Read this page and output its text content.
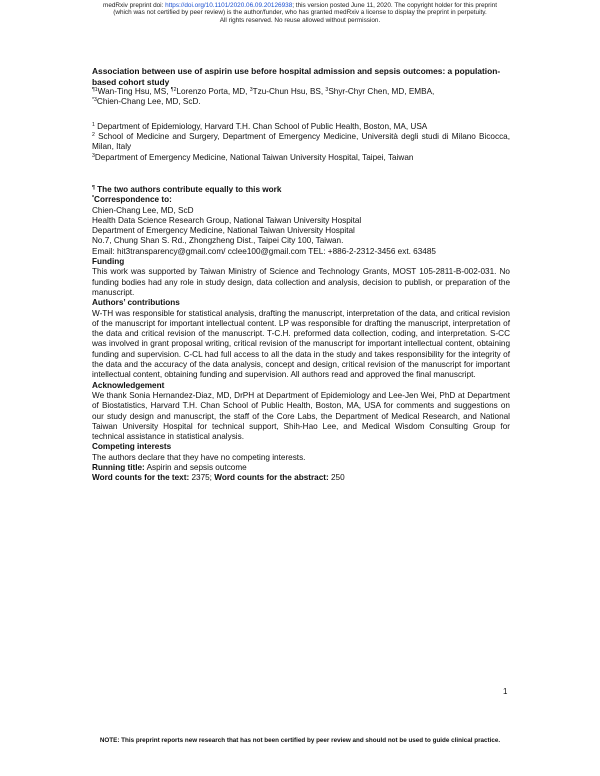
medRxiv preprint doi: https://doi.org/10.1101/2020.06.09.20126938; this version posted June 11, 2020. The copyright holder for this preprint
(which was not certified by peer review) is the author/funder, who has granted medRxiv a license to display the preprint in perpetuity.
All rights reserved. No reuse allowed without permission.

Association between use of aspirin use before hospital admission and sepsis outcomes: a population-based cohort study

$^{\P 1}$Wan-Ting Hsu, MS, $^{\P 2}$Lorenzo Porta, MD, $^3$Tzu-Chun Hsu, BS, $^3$Shyr-Chyr Chen, MD, EMBA,

$^{*3}$Chien-Chang Lee, MD, ScD.

$^1$ Department of Epidemiology, Harvard T.H. Chan School of Public Health, Boston, MA, USA

$^2$ School of Medicine and Surgery, Department of Emergency Medicine, Università degli studi di Milano Bicocca, Milan, Italy

$^3$Department of Emergency Medicine, National Taiwan University Hospital, Taipei, Taiwan

¶ The two authors contribute equally to this work

*Correspondence to:

Chien-Chang Lee, MD, ScD

Health Data Science Research Group, National Taiwan University Hospital

Department of Emergency Medicine, National Taiwan University Hospital

No.7, Chung Shan S. Rd., Zhongzheng Dist., Taipei City 100, Taiwan.

Email: hit3transparency@gmail.com/ cclee100@gmail.com TEL: +886-2-2312-3456 ext. 63485

Funding

This work was supported by Taiwan Ministry of Science and Technology Grants, MOST 105-2811-B-002-031. No funding bodies had any role in study design, data collection and analysis, decision to publish, or preparation of the manuscript.

Authors’ contributions

W-TH was responsible for statistical analysis, drafting the manuscript, interpretation of the data, and critical revision of the manuscript for important intellectual content. LP was responsible for drafting the manuscript, interpretation of the data and critical revision of the manuscript. T-C.H. preformed data collection, coding, and interpretation. S-CC was involved in grant proposal writing, critical revision of the manuscript for important intellectual content, obtaining funding and supervision. C-CL had full access to all the data in the study and takes responsibility for the integrity of the data and the accuracy of the data analysis, concept and design, critical revision of the manuscript for important intellectual content, obtaining funding and supervision. All authors read and approved the final manuscript.

Acknowledgement

We thank Sonia Hernandez-Diaz, MD, DrPH at Department of Epidemiology and Lee-Jen Wei, PhD at Department of Biostatistics, Harvard T.H. Chan School of Public Health, Boston, MA, USA for comments and suggestions on our study design and manuscript, the staff of the Core Labs, the Department of Medical Research, and National Taiwan University Hospital for technical support, Shih-Hao Lee, and Medical Wisdom Consulting Group for technical assistance in statistical analysis.

Competing interests

The authors declare that they have no competing interests.

Running title: Aspirin and sepsis outcome

Word counts for the text: 2375; Word counts for the abstract: 250

1
NOTE: This preprint reports new research that has not been certified by peer review and should not be used to guide clinical practice.
